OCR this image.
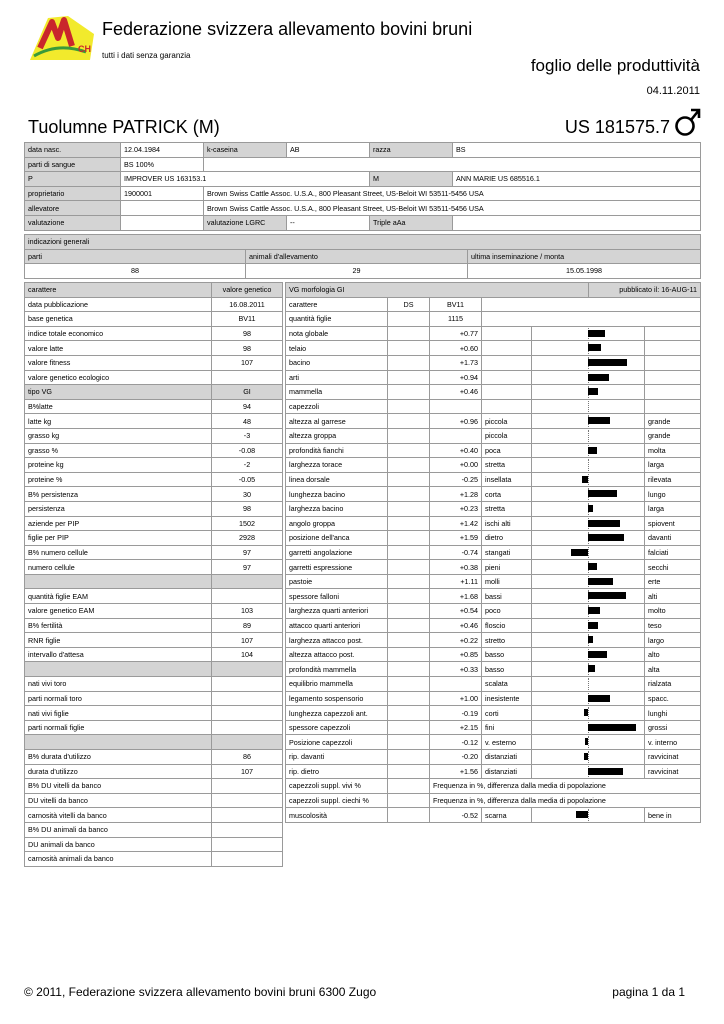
CH
Federazione svizzera allevamento bovini bruni
tutti i dati senza garanzia
foglio delle produttività
04.11.2011
Tuolumne PATRICK (M)	US 181575.7
data nasc.	12.04.1984	k-caseina	AB	razza	BS
parti di sangue	BS 100%				
P	IMPROVER US 163153.1			M	ANN MARIE US 685516.1
proprietario	1900001	Brown Swiss Cattle Assoc. U.S.A., 800 Pleasant Street, US-Beloit WI 53511-5456 USA			
allevatore		Brown Swiss Cattle Assoc. U.S.A., 800 Pleasant Street, US-Beloit WI 53511-5456 USA			
valutazione		valutazione LGRC	--	Triple aAa	
indicazioni generali		
parti	animali d'allevamento	ultima inseminazione / monta
88	29	15.05.1998
carattere	valore genetico
data pubblicazione	16.08.2011
base genetica	BV11
indice totale economico	98
valore latte	98
valore fitness	107
valore genetico ecologico	
tipo VG	GI
B%latte	94
latte kg	48
grasso kg	-3
grasso %	-0.08
proteine kg	-2
proteine %	-0.05
B% persistenza	30
persistenza	98
aziende per PIP	1502
figlie per PIP	2928
B% numero cellule	97
numero cellule	97

quantità figlie EAM	
valore genetico EAM	103
B% fertilità	89
RNR figlie	107
intervallo d'attesa	104

nati vivi toro	
parti normali toro	
nati vivi figlie	
parti normali figlie	

B% durata d'utilizzo	86
durata d'utilizzo	107
B% DU vitelli da banco	
DU vitelli da banco	
carnosità vitelli da banco	
B% DU animali da banco	
DU animali da banco	
carnosità animali da banco	
VG morfologia GI					pubblicato il: 16-AUG-11	
carattere	DS	BV11				
quantità figlie		1115				
nota globale		+0.77			

telaio		+0.60			

bacino		+1.73			

arti		+0.94			

mammella		+0.46			

capezzoli					

altezza al garrese		+0.96	piccola			grande
altezza groppa			piccola			grande
profondità fianchi		+0.40	poca			molta
larghezza torace		+0.00	stretta			larga
linea dorsale		-0.25	insellata			rilevata
lunghezza bacino		+1.28	corta			lungo
larghezza bacino		+0.23	stretta			larga
angolo groppa		+1.42	ischi alti			spiovent
posizione dell'anca		+1.59	dietro			davanti
garretti angolazione		-0.74	stangati			falciati
garretti espressione		+0.38	pieni			secchi
pastoie		+1.11	molli			erte
spessore falloni		+1.68	bassi			alti
larghezza quarti anteriori		+0.54	poco			molto
attacco quarti anteriori		+0.46	floscio			teso
larghezza attacco post.		+0.22	stretto			largo
altezza attacco post.		+0.85	basso			alto
profondità mammella		+0.33	basso			alta
equilibrio mammella			scalata			rialzata
legamento sospensorio		+1.00	inesistente			spacc.
lunghezza capezzoli ant.		-0.19	corti			lunghi
spessore capezzoli		+2.15	fini			grossi
Posizione capezzoli		-0.12	v. esterno			v. interno
rip. davanti		-0.20	distanziati			ravvicinat
rip. dietro		+1.56	distanziati			ravvicinat
capezzoli suppl. vivi %		Frequenza in %, differenza dalla media di popolazione				
capezzoli suppl. ciechi %		Frequenza in %, differenza dalla media di popolazione				
muscolosità		-0.52	scarna			bene in
© 2011, Federazione svizzera allevamento bovini bruni 6300 Zugo	pagina 1 da 1
